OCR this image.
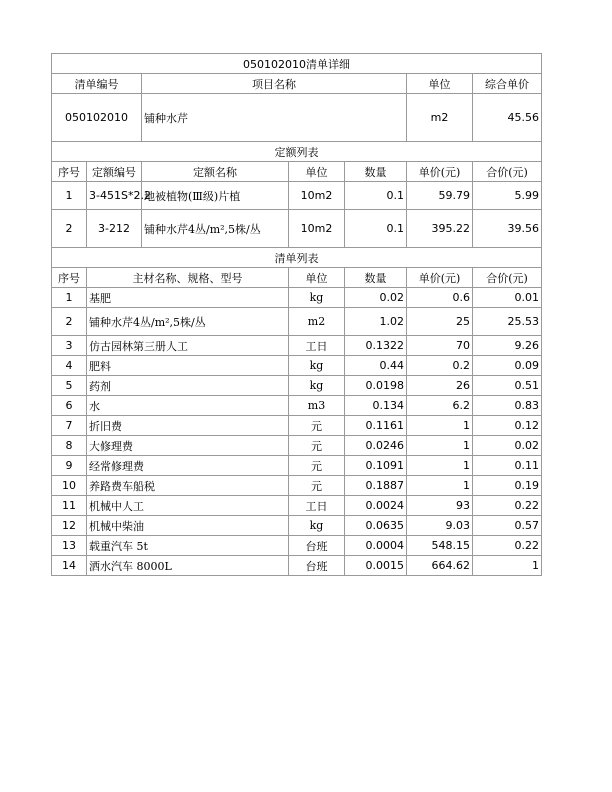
050102010清单详细						
清单编号		项目名称			单位	综合单价
050102010		铺种水芹			m2	45.56
定额列表						
序号	定额编号	定额名称	单位	数量	单价(元)	合价(元)
1	3-451S*2.2	地被植物(Ⅲ级)片植	10m2	0.1	59.79	5.99
2	3-212	铺种水芹4丛/m²,5株/丛	10m2	0.1	395.22	39.56
清单列表						
序号	主材名称、规格、型号		单位	数量	单价(元)	合价(元)
1	基肥		kg	0.02	0.6	0.01
2	铺种水芹4丛/m²,5株/丛		m2	1.02	25	25.53
3	仿古园林第三册人工		工日	0.1322	70	9.26
4	肥料		kg	0.44	0.2	0.09
5	药剂		kg	0.0198	26	0.51
6	水		m3	0.134	6.2	0.83
7	折旧费		元	0.1161	1	0.12
8	大修理费		元	0.0246	1	0.02
9	经常修理费		元	0.1091	1	0.11
10	养路费车船税		元	0.1887	1	0.19
11	机械中人工		工日	0.0024	93	0.22
12	机械中柴油		kg	0.0635	9.03	0.57
13	载重汽车 5t		台班	0.0004	548.15	0.22
14	洒水汽车 8000L		台班	0.0015	664.62	1
